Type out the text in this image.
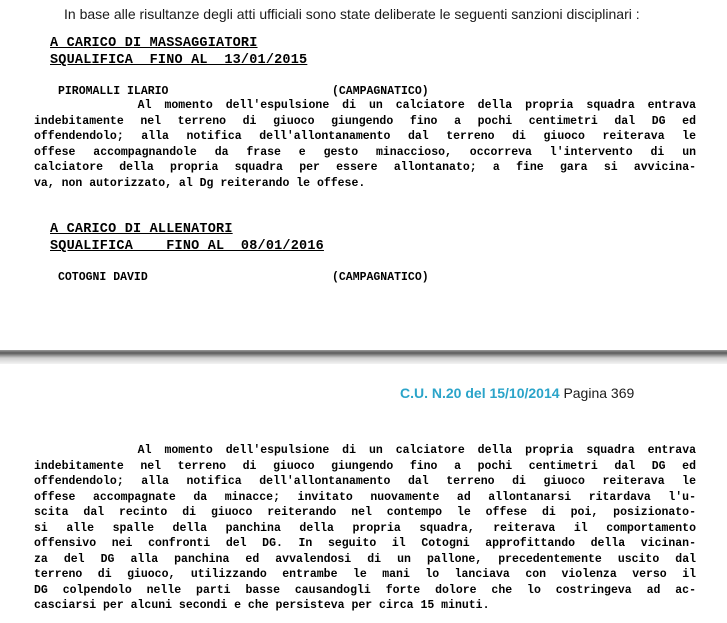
In base alle risultanze degli atti ufficiali sono state deliberate le seguenti sanzioni disciplinari :
A CARICO DI MASSAGGIATORI
SQUALIFICA  FINO AL  13/01/2015
PIROMALLI ILARIO	(CAMPAGNATICO)
Al momento dell'espulsione di un calciatore della propria squadra entrava
indebitamente nel terreno di giuoco giungendo fino a pochi centimetri dal DG ed
offendendolo; alla notifica dell'allontanamento dal terreno di giuoco reiterava le
offese accompagnandole da frase e gesto minaccioso, occorreva l'intervento di un
calciatore della propria squadra per essere allontanato; a fine gara si avvicina-
va, non autorizzato, al Dg reiterando le offese.
A CARICO DI ALLENATORI
SQUALIFICA    FINO AL  08/01/2016
COTOGNI DAVID	(CAMPAGNATICO)
C.U. N.20 del 15/10/2014 Pagina 369
Al momento dell'espulsione di un calciatore della propria squadra entrava
indebitamente nel terreno di giuoco giungendo fino a pochi centimetri dal DG ed
offendendolo; alla notifica dell'allontanamento dal terreno di giuoco reiterava le
offese accompagnate da minacce; invitato nuovamente ad allontanarsi ritardava l'u-
scita dal recinto di giuoco reiterando nel contempo le offese di poi, posizionato-
si alle spalle della panchina della propria squadra, reiterava il comportamento
offensivo nei confronti del DG. In seguito il Cotogni approfittando della vicinan-
za del DG alla panchina ed avvalendosi di un pallone, precedentemente uscito dal
terreno di giuoco, utilizzando entrambe le mani lo lanciava con violenza verso il
DG colpendolo nelle parti basse causandogli forte dolore che lo costringeva ad ac-
casciarsi per alcuni secondi e che persisteva per circa 15 minuti.
